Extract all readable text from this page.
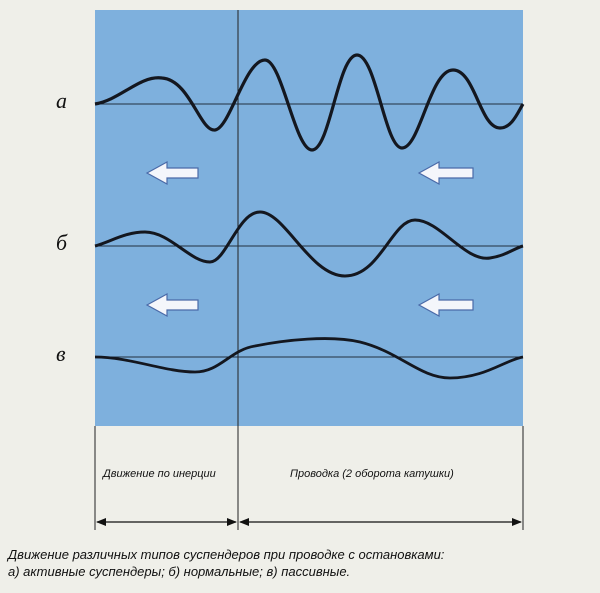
а
б
в
Движение по инерции	Проводка (2 оборота катушки)
Движение различных типов суспендеров при проводке с остановками:
а) активные суспендеры; б) нормальные; в) пассивные.
